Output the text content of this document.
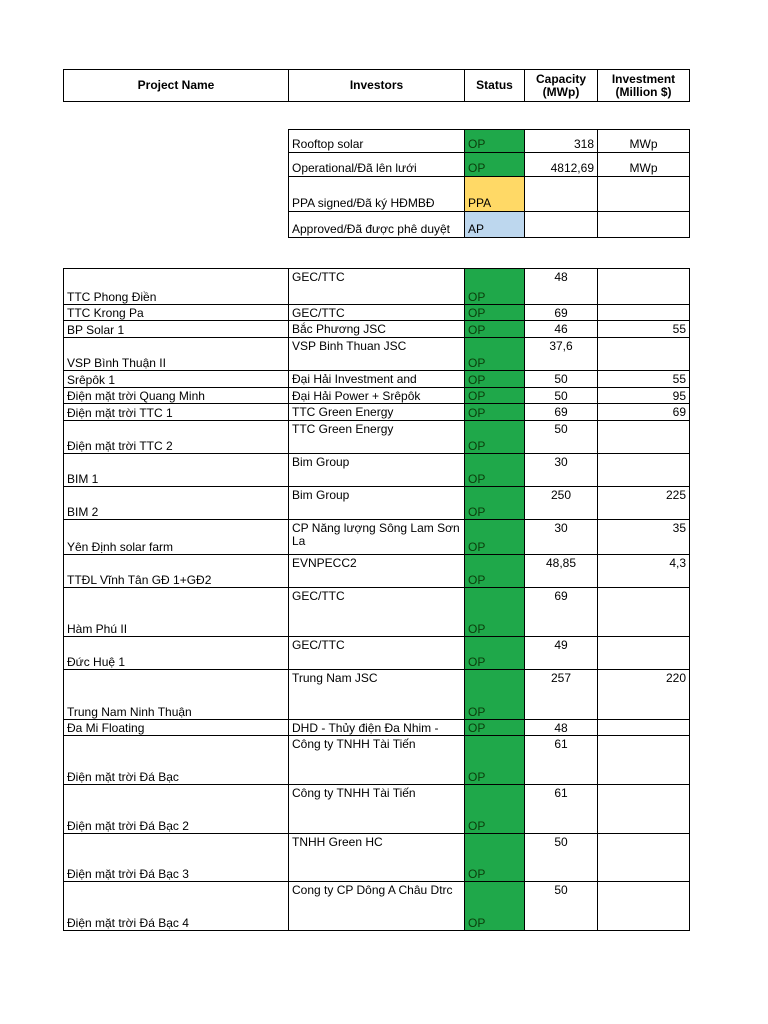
Project Name	Investors	Status	Capacity (MWp)	Investment (Million $)
Rooftop solar	OP	318	MWp
Operational/Đã lên lưới	OP	4812,69	MWp
PPA signed/Đã ký HĐMBĐ	PPA		
Approved/Đã được phê duyệt	AP		
TTC Phong Điền	GEC/TTC	OP	48	
TTC Krong Pa	GEC/TTC	OP	69	
BP Solar 1	Bắc Phương JSC	OP	46	55
VSP Bình Thuận II	VSP Binh Thuan JSC	OP	37,6	
Srêpôk 1	Đại Hải Investment and	OP	50	55
Điện mặt trời Quang Minh	Đại Hải Power + Srêpôk	OP	50	95
Điện mặt trời TTC 1	TTC Green Energy	OP	69	69
Điện mặt trời TTC 2	TTC Green Energy	OP	50	
BIM 1	Bim Group	OP	30	
BIM 2	Bim Group	OP	250	225
Yên Định solar farm	CP Năng lượng Sông Lam Sơn La	OP	30	35
TTĐL Vĩnh Tân GĐ 1+GĐ2	EVNPECC2	OP	48,85	4,3
Hàm Phú II	GEC/TTC	OP	69	
Đức Huệ 1	GEC/TTC	OP	49	
Trung Nam Ninh Thuận	Trung Nam JSC	OP	257	220
Đa Mi Floating	DHD - Thủy điện Đa Nhim -	OP	48	
Điện mặt trời Đá Bạc	Công ty TNHH Tài Tiến	OP	61	
Điện mặt trời Đá Bạc 2	Công ty TNHH Tài Tiến	OP	61	
Điện mặt trời Đá Bạc 3	TNHH Green HC	OP	50	
Điện mặt trời Đá Bạc 4	Cong ty CP Dông A Châu Dtrc	OP	50	
